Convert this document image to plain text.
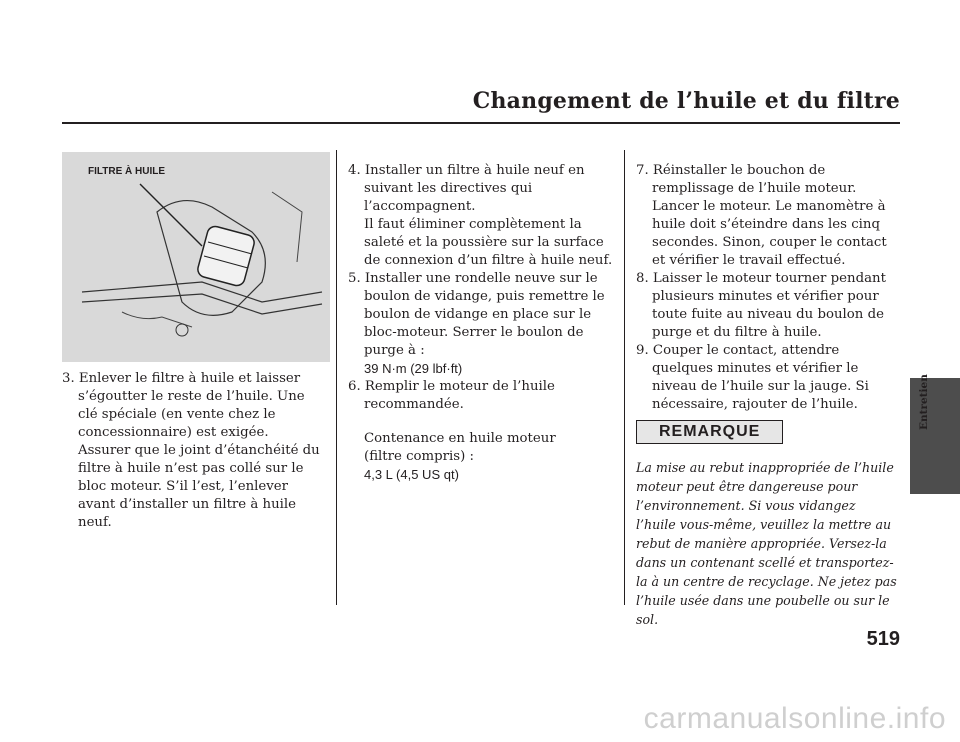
Changement de l’huile et du filtre
FILTRE À HUILE

3. Enlever le filtre à huile et laisser s’égoutter le reste de l’huile. Une clé spéciale (en vente chez le concessionnaire) est exigée.

Assurer que le joint d’étanchéité du filtre à huile n’est pas collé sur le bloc moteur. S’il l’est, l’enlever avant d’installer un filtre à huile neuf.

4. Installer un filtre à huile neuf en suivant les directives qui l’accompagnent.

Il faut éliminer complètement la saleté et la poussière sur la surface de connexion d’un filtre à huile neuf.

5. Installer une rondelle neuve sur le boulon de vidange, puis remettre le boulon de vidange en place sur le bloc-moteur. Serrer le boulon de purge à :

39 N·m (29 lbf·ft)

6. Remplir le moteur de l’huile recommandée.

Contenance en huile moteur

(filtre compris) :

4,3 L (4,5 US qt)

7. Réinstaller le bouchon de remplissage de l’huile moteur. Lancer le moteur. Le manomètre à huile doit s’éteindre dans les cinq secondes. Sinon, couper le contact et vérifier le travail effectué.

8. Laisser le moteur tourner pendant plusieurs minutes et vérifier pour toute fuite au niveau du boulon de purge et du filtre à huile.

9. Couper le contact, attendre quelques minutes et vérifier le niveau de l’huile sur la jauge. Si nécessaire, rajouter de l’huile.

REMARQUE

La mise au rebut inappropriée de l’huile moteur peut être dangereuse pour l’environnement. Si vous vidangez l’huile vous-même, veuillez la mettre au rebut de manière appropriée. Versez-la dans un contenant scellé et transportez-la à un centre de recyclage. Ne jetez pas l’huile usée dans une poubelle ou sur le sol.

Entretien
519
carmanualsonline.info
